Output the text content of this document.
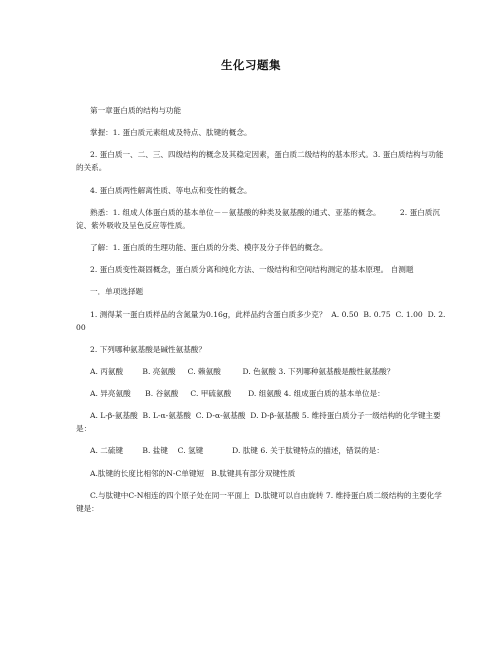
生化习题集

第一章蛋白质的结构与功能

掌握：1. 蛋白质元素组成及特点、肽键的概念。

2. 蛋白质一、二、三、四级结构的概念及其稳定因素，蛋白质二级结构的基本形式。3. 蛋白质结构与功能的关系。

4. 蛋白质两性解离性质、等电点和变性的概念。

熟悉：1. 组成人体蛋白质的基本单位－－氨基酸的种类及氨基酸的通式、亚基的概念。        2. 蛋白质沉淀、紫外吸收及呈色反应等性质。

了解：1. 蛋白质的生理功能、蛋白质的分类、模序及分子伴侣的概念。

2. 蛋白质变性凝固概念，蛋白质分离和纯化方法、一级结构和空间结构测定的基本原理。 自测题

一．单项选择题

1. 测得某一蛋白质样品的含氮量为0.16g，此样品约含蛋白质多少克？  A. 0.50  B. 0.75  C. 1.00  D. 2.00

2. 下列哪种氨基酸是碱性氨基酸？

A. 丙氨酸        B. 亮氨酸     C. 赖氨酸         D. 色氨酸 3. 下列哪种氨基酸是酸性氨基酸？

A. 异亮氨酸      B. 谷氨酸     C. 甲硫氨酸       D. 组氨酸 4. 组成蛋白质的基本单位是：

A. L-β-氨基酸  B. L-α-氨基酸  C. D-α-氨基酸  D. D-β-氨基酸 5. 维持蛋白质分子一级结构的化学键主要是：

A. 二硫键        B. 盐键    C. 氢键            D. 肽键 6. 关于肽键特点的描述，错误的是：

A.肽键的长度比相邻的N-C单键短   B.肽键具有部分双键性质

C.与肽键中C-N相连的四个原子处在同一平面上  D.肽键可以自由旋转 7. 维持蛋白质二级结构的主要化学键是：
